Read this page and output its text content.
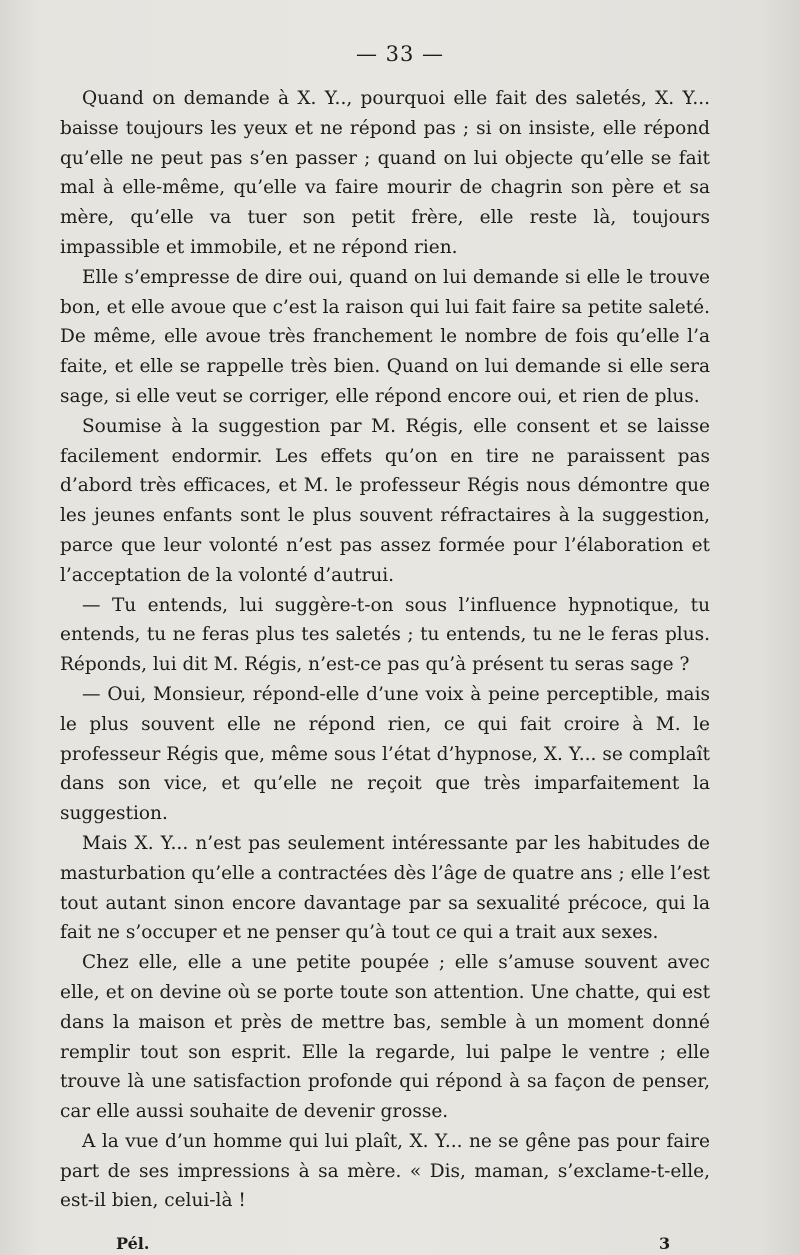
— 33 —

Quand on demande à X. Y.., pourquoi elle fait des saletés, X. Y... baisse toujours les yeux et ne répond pas ; si on insiste, elle répond qu’elle ne peut pas s’en passer ; quand on lui objecte qu’elle se fait mal à elle-même, qu’elle va faire mourir de chagrin son père et sa mère, qu’elle va tuer son petit frère, elle reste là, toujours impassible et immobile, et ne répond rien.

Elle s’empresse de dire oui, quand on lui demande si elle le trouve bon, et elle avoue que c’est la raison qui lui fait faire sa petite saleté. De même, elle avoue très franchement le nombre de fois qu’elle l’a faite, et elle se rappelle très bien. Quand on lui demande si elle sera sage, si elle veut se corriger, elle répond encore oui, et rien de plus.

Soumise à la suggestion par M. Régis, elle consent et se laisse facilement endormir. Les effets qu’on en tire ne paraissent pas d’abord très efficaces, et M. le professeur Régis nous démontre que les jeunes enfants sont le plus souvent réfractaires à la suggestion, parce que leur volonté n’est pas assez formée pour l’élaboration et l’acceptation de la volonté d’autrui.

— Tu entends, lui suggère-t-on sous l’influence hypnotique, tu entends, tu ne feras plus tes saletés ; tu entends, tu ne le feras plus. Réponds, lui dit M. Régis, n’est-ce pas qu’à présent tu seras sage ?

— Oui, Monsieur, répond-elle d’une voix à peine perceptible, mais le plus souvent elle ne répond rien, ce qui fait croire à M. le professeur Régis que, même sous l’état d’hypnose, X. Y... se complaît dans son vice, et qu’elle ne reçoit que très imparfaitement la suggestion.

Mais X. Y... n’est pas seulement intéressante par les habitudes de masturbation qu’elle a contractées dès l’âge de quatre ans ; elle l’est tout autant sinon encore davantage par sa sexualité précoce, qui la fait ne s’occuper et ne penser qu’à tout ce qui a trait aux sexes.

Chez elle, elle a une petite poupée ; elle s’amuse souvent avec elle, et on devine où se porte toute son attention. Une chatte, qui est dans la maison et près de mettre bas, semble à un moment donné remplir tout son esprit. Elle la regarde, lui palpe le ventre ; elle trouve là une satisfaction profonde qui répond à sa façon de penser, car elle aussi souhaite de devenir grosse.

A la vue d’un homme qui lui plaît, X. Y... ne se gêne pas pour faire part de ses impressions à sa mère. « Dis, maman, s’exclame-t-elle, est-il bien, celui-là !

Pél.	3
